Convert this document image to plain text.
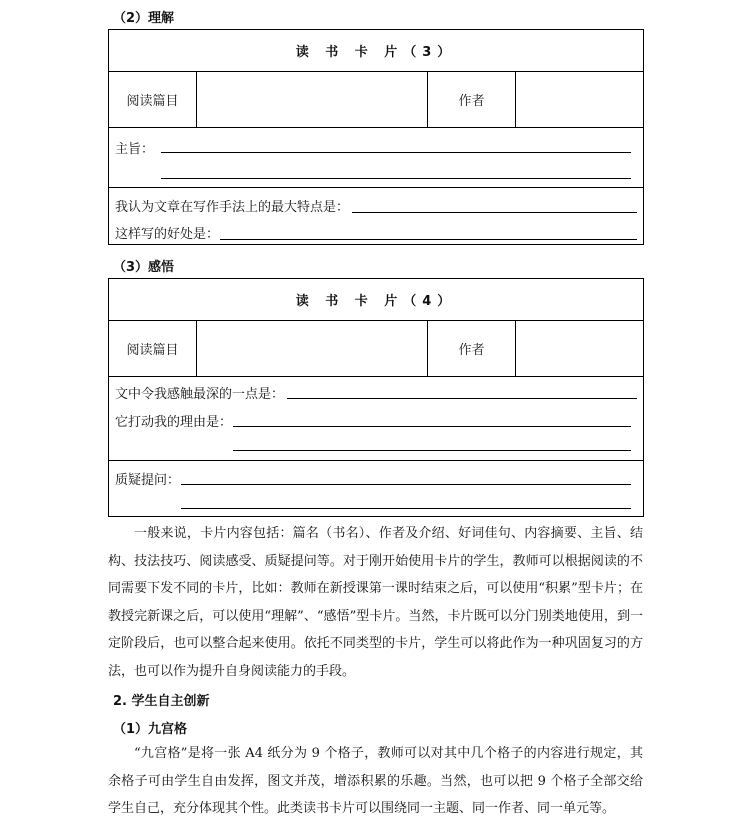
（2）理解
读 书 卡 片（3）
阅读篇目		作者	

主旨：

我认为文章在写作手法上的最大特点是：
这样写的好处是：
（3）感悟
读 书 卡 片（4）
阅读篇目		作者	

文中令我感触最深的一点是：
它打动我的理由是：

质疑提问：

一般来说，卡片内容包括：篇名（书名）、作者及介绍、好词佳句、内容摘要、主旨、结构、技法技巧、阅读感受、质疑提问等。对于刚开始使用卡片的学生，教师可以根据阅读的不同需要下发不同的卡片，比如：教师在新授课第一课时结束之后，可以使用“积累”型卡片；在教授完新课之后，可以使用“理解”、“感悟”型卡片。当然，卡片既可以分门别类地使用，到一定阶段后，也可以整合起来使用。依托不同类型的卡片，学生可以将此作为一种巩固复习的方法，也可以作为提升自身阅读能力的手段。

2. 学生自主创新
（1）九宫格

“九宫格”是将一张 A4 纸分为 9 个格子，教师可以对其中几个格子的内容进行规定，其余格子可由学生自由发挥，图文并茂，增添积累的乐趣。当然，也可以把 9 个格子全部交给学生自己，充分体现其个性。此类读书卡片可以围绕同一主题、同一作者、同一单元等。
